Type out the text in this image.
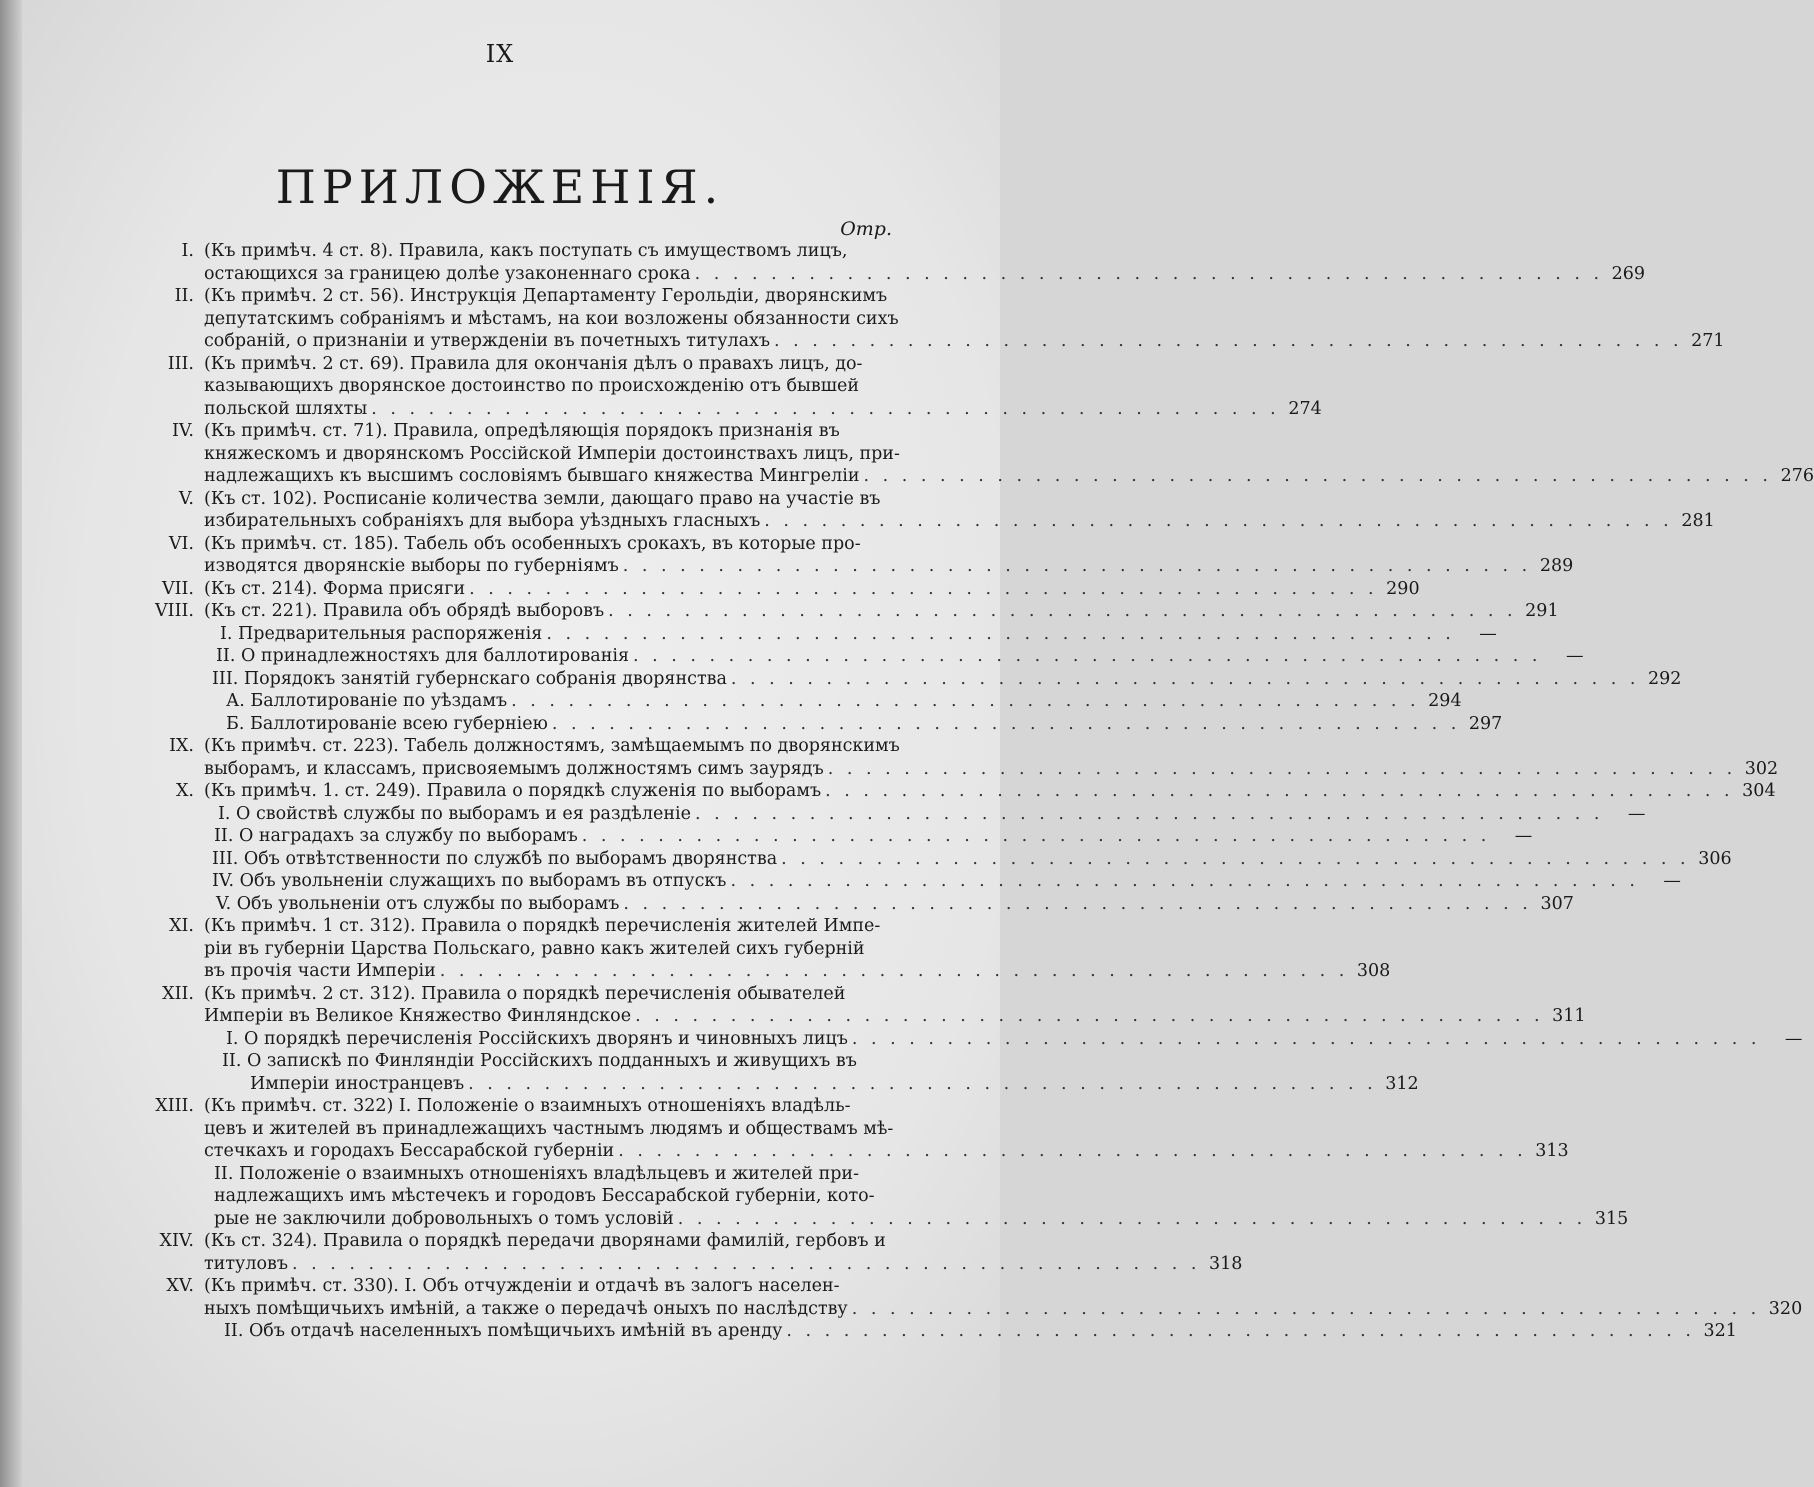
IX
ПРИЛОЖЕНІЯ.
Отр.
I. (Къ примѣч. 4 ст. 8). Правила, какъ поступать съ имуществомъ лицъ,
остающихся за границею долѣе узаконеннаго срока . . . . . . . . . . . . . . . . . . . . . . . . . . . . . . . . . . . . . . . . . . . . . . . . 269
II. (Къ примѣч. 2 ст. 56). Инструкція Департаменту Герольдіи, дворянскимъ
депутатскимъ собраніямъ и мѣстамъ, на кои возложены обязанности сихъ
собраній, о признаніи и утвержденіи въ почетныхъ титулахъ . . . . . . . . . . . . . . . . . . . . . . . . . . . . . . . . . . . . . . . . . . . . . . . . 271
III. (Къ примѣч. 2 ст. 69). Правила для окончанія дѣлъ о правахъ лицъ, до-
казывающихъ дворянское достоинство по происхожденію отъ бывшей
польской шляхты . . . . . . . . . . . . . . . . . . . . . . . . . . . . . . . . . . . . . . . . . . . . . . . . 274
IV. (Къ примѣч. ст. 71). Правила, опредѣляющія порядокъ признанія въ
княжескомъ и дворянскомъ Россійской Имперіи достоинствахъ лицъ, при-
надлежащихъ къ высшимъ сословіямъ бывшаго княжества Мингреліи . . . . . . . . . . . . . . . . . . . . . . . . . . . . . . . . . . . . . . . . . . . . . . . . 276
V. (Къ ст. 102). Росписаніе количества земли, дающаго право на участіе въ
избирательныхъ собраніяхъ для выбора уѣздныхъ гласныхъ . . . . . . . . . . . . . . . . . . . . . . . . . . . . . . . . . . . . . . . . . . . . . . . . 281
VI. (Къ примѣч. ст. 185). Табель объ особенныхъ срокахъ, въ которые про-
изводятся дворянскіе выборы по губерніямъ . . . . . . . . . . . . . . . . . . . . . . . . . . . . . . . . . . . . . . . . . . . . . . . . 289
VII. (Къ ст. 214). Форма присяги . . . . . . . . . . . . . . . . . . . . . . . . . . . . . . . . . . . . . . . . . . . . . . . . 290
VIII. (Къ ст. 221). Правила объ обрядѣ выборовъ . . . . . . . . . . . . . . . . . . . . . . . . . . . . . . . . . . . . . . . . . . . . . . . . 291
I. Предварительныя распоряженія . . . . . . . . . . . . . . . . . . . . . . . . . . . . . . . . . . . . . . . . . . . . . . . .	—
II. О принадлежностяхъ для баллотированія . . . . . . . . . . . . . . . . . . . . . . . . . . . . . . . . . . . . . . . . . . . . . . . .	—
III. Порядокъ занятій губернскаго собранія дворянства . . . . . . . . . . . . . . . . . . . . . . . . . . . . . . . . . . . . . . . . . . . . . . . . 292
А. Баллотированіе по уѣздамъ . . . . . . . . . . . . . . . . . . . . . . . . . . . . . . . . . . . . . . . . . . . . . . . . 294
Б. Баллотированіе всею губерніею . . . . . . . . . . . . . . . . . . . . . . . . . . . . . . . . . . . . . . . . . . . . . . . . 297
IX. (Къ примѣч. ст. 223). Табель должностямъ, замѣщаемымъ по дворянскимъ
выборамъ, и классамъ, присвояемымъ должностямъ симъ заурядъ . . . . . . . . . . . . . . . . . . . . . . . . . . . . . . . . . . . . . . . . . . . . . . . . 302
X. (Къ примѣч. 1. ст. 249). Правила о порядкѣ служенія по выборамъ . . . . . . . . . . . . . . . . . . . . . . . . . . . . . . . . . . . . . . . . . . . . . . . . 304
I. О свойствѣ службы по выборамъ и ея раздѣленіе . . . . . . . . . . . . . . . . . . . . . . . . . . . . . . . . . . . . . . . . . . . . . . . .	—
II. О наградахъ за службу по выборамъ . . . . . . . . . . . . . . . . . . . . . . . . . . . . . . . . . . . . . . . . . . . . . . . .	—
III. Объ отвѣтственности по службѣ по выборамъ дворянства . . . . . . . . . . . . . . . . . . . . . . . . . . . . . . . . . . . . . . . . . . . . . . . . 306
IV. Объ увольненіи служащихъ по выборамъ въ отпускъ . . . . . . . . . . . . . . . . . . . . . . . . . . . . . . . . . . . . . . . . . . . . . . . .	—
V. Объ увольненіи отъ службы по выборамъ . . . . . . . . . . . . . . . . . . . . . . . . . . . . . . . . . . . . . . . . . . . . . . . . 307
XI. (Къ примѣч. 1 ст. 312). Правила о порядкѣ перечисленія жителей Импе-
ріи въ губерніи Царства Польскаго, равно какъ жителей сихъ губерній
въ прочія части Имперіи . . . . . . . . . . . . . . . . . . . . . . . . . . . . . . . . . . . . . . . . . . . . . . . . 308
XII. (Къ примѣч. 2 ст. 312). Правила о порядкѣ перечисленія обывателей
Имперіи въ Великое Княжество Финляндское . . . . . . . . . . . . . . . . . . . . . . . . . . . . . . . . . . . . . . . . . . . . . . . . 311
I. О порядкѣ перечисленія Россійскихъ дворянъ и чиновныхъ лицъ . . . . . . . . . . . . . . . . . . . . . . . . . . . . . . . . . . . . . . . . . . . . . . . .	—
II. О запискѣ по Финляндіи Россійскихъ подданныхъ и живущихъ въ
Имперіи иностранцевъ . . . . . . . . . . . . . . . . . . . . . . . . . . . . . . . . . . . . . . . . . . . . . . . . 312
XIII. (Къ примѣч. ст. 322) I. Положеніе о взаимныхъ отношеніяхъ владѣль-
цевъ и жителей въ принадлежащихъ частнымъ людямъ и обществамъ мѣ-
стечкахъ и городахъ Бессарабской губерніи . . . . . . . . . . . . . . . . . . . . . . . . . . . . . . . . . . . . . . . . . . . . . . . . 313
II. Положеніе о взаимныхъ отношеніяхъ владѣльцевъ и жителей при-
надлежащихъ имъ мѣстечекъ и городовъ Бессарабской губерніи, кото-
рые не заключили добровольныхъ о томъ условій . . . . . . . . . . . . . . . . . . . . . . . . . . . . . . . . . . . . . . . . . . . . . . . . 315
XIV. (Къ ст. 324). Правила о порядкѣ передачи дворянами фамилій, гербовъ и
титуловъ . . . . . . . . . . . . . . . . . . . . . . . . . . . . . . . . . . . . . . . . . . . . . . . . 318
XV. (Къ примѣч. ст. 330). I. Объ отчужденіи и отдачѣ въ залогъ населен-
ныхъ помѣщичьихъ имѣній, а также о передачѣ оныхъ по наслѣдству . . . . . . . . . . . . . . . . . . . . . . . . . . . . . . . . . . . . . . . . . . . . . . . . 320
II. Объ отдачѣ населенныхъ помѣщичьихъ имѣній въ аренду . . . . . . . . . . . . . . . . . . . . . . . . . . . . . . . . . . . . . . . . . . . . . . . . 321
